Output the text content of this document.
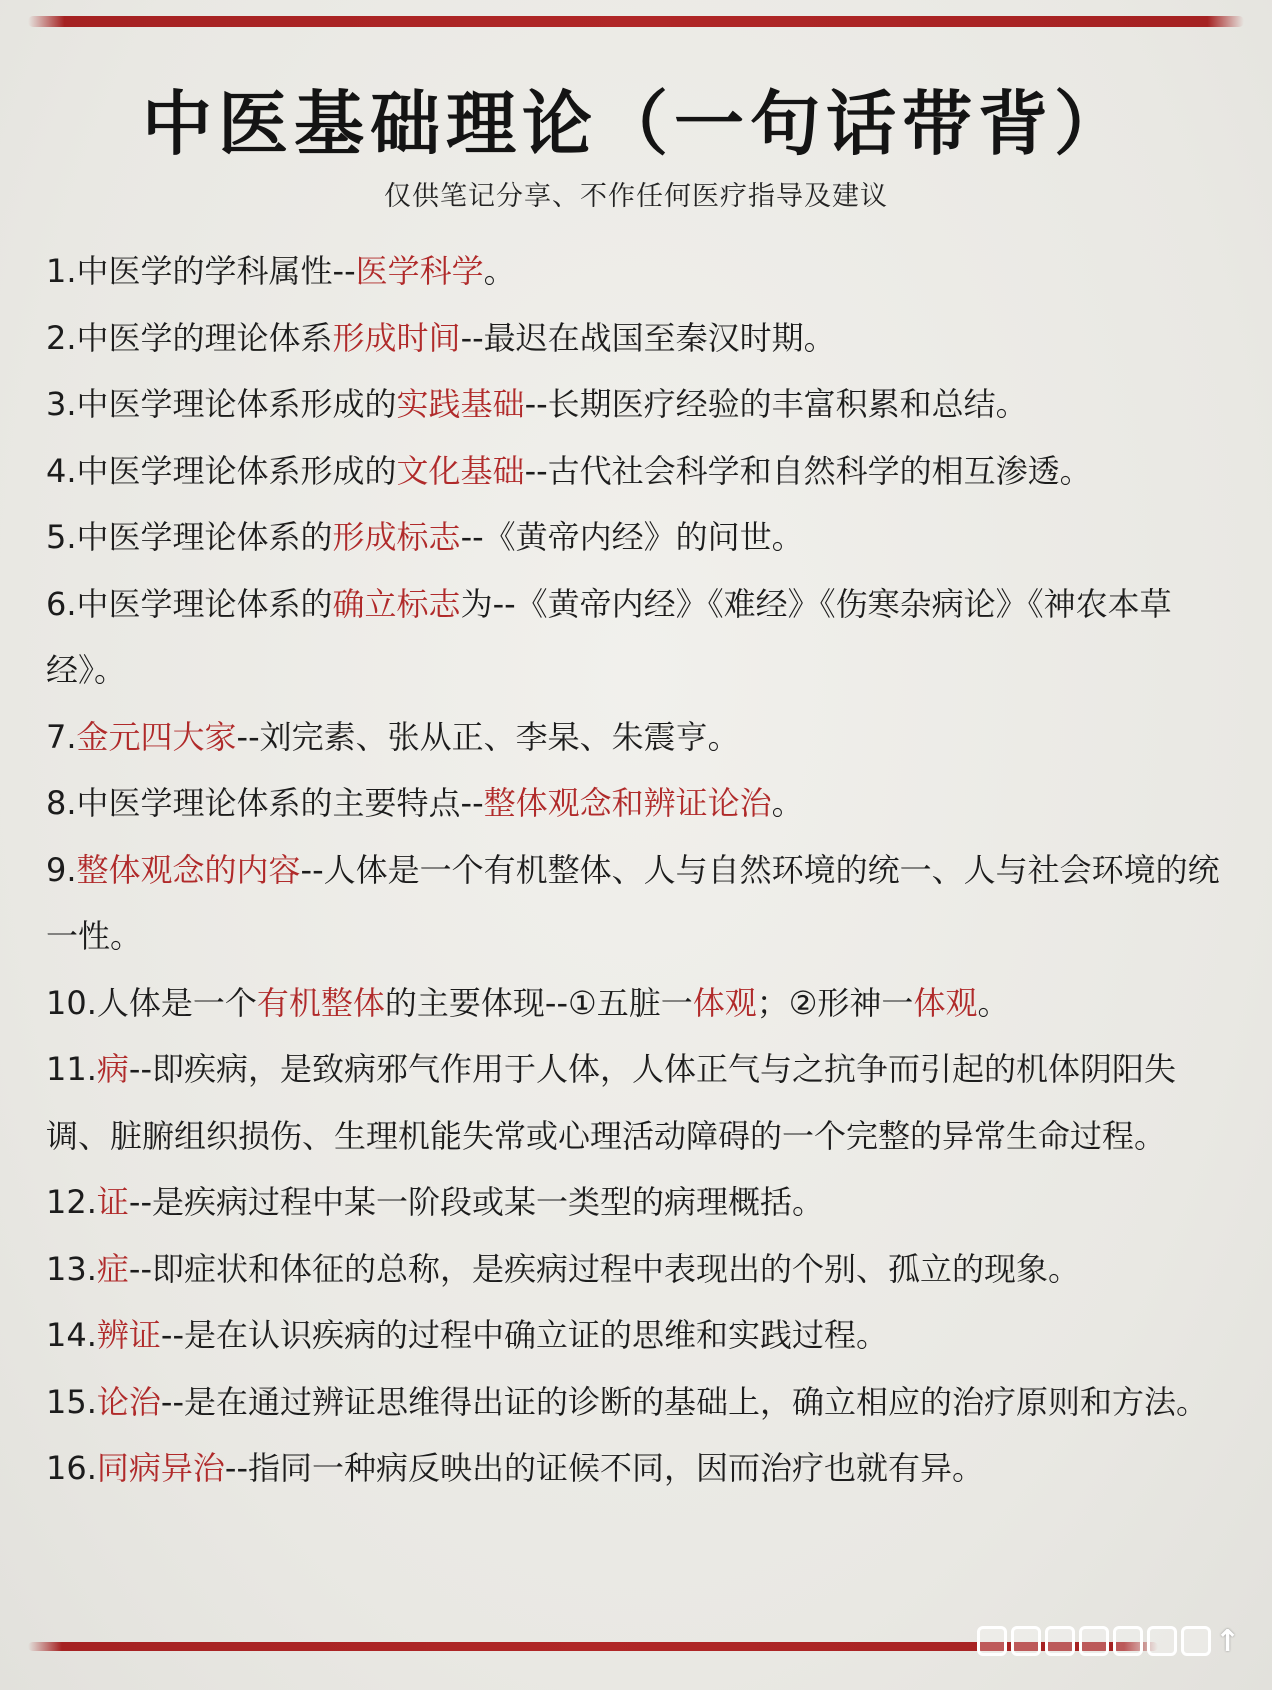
中医基础理论（一句话带背）
仅供笔记分享、不作任何医疗指导及建议
1.中医学的学科属性--医学科学。
2.中医学的理论体系形成时间--最迟在战国至秦汉时期。
3.中医学理论体系形成的实践基础--长期医疗经验的丰富积累和总结。
4.中医学理论体系形成的文化基础--古代社会科学和自然科学的相互渗透。
5.中医学理论体系的形成标志--《黄帝内经》的问世。
6.中医学理论体系的确立标志为--《黄帝内经》《难经》《伤寒杂病论》《神农本草经》。
7.金元四大家--刘完素、张从正、李杲、朱震亨。
8.中医学理论体系的主要特点--整体观念和辨证论治。
9.整体观念的内容--人体是一个有机整体、人与自然环境的统一、人与社会环境的统一性。
10.人体是一个有机整体的主要体现--①五脏一体观；②形神一体观。
11.病--即疾病，是致病邪气作用于人体，人体正气与之抗争而引起的机体阴阳失调、脏腑组织损伤、生理机能失常或心理活动障碍的一个完整的异常生命过程。
12.证--是疾病过程中某一阶段或某一类型的病理概括。
13.症--即症状和体征的总称，是疾病过程中表现出的个别、孤立的现象。
14.辨证--是在认识疾病的过程中确立证的思维和实践过程。
15.论治--是在通过辨证思维得出证的诊断的基础上，确立相应的治疗原则和方法。
16.同病异治--指同一种病反映出的证候不同，因而治疗也就有异。
↑
